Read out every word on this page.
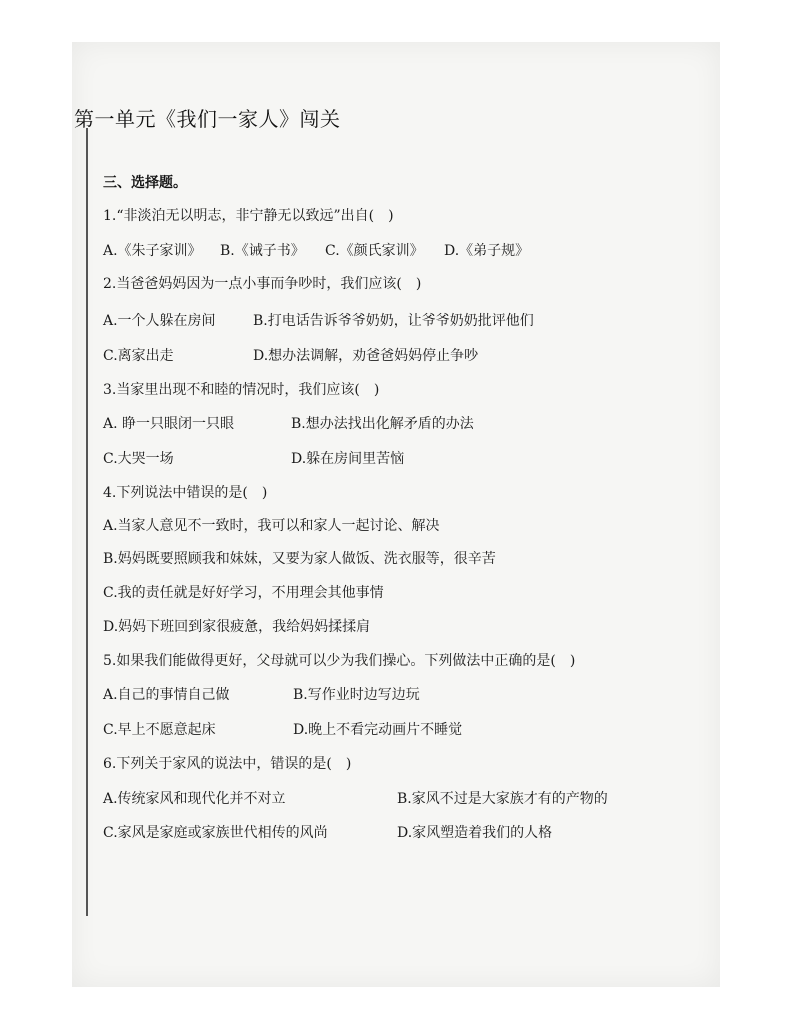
第一单元《我们一家人》闯关
三、选择题。
1.“非淡泊无以明志，非宁静无以致远”出自(　)
A.《朱子家训》 B.《诫子书》 C.《颜氏家训》 D.《弟子规》
2.当爸爸妈妈因为一点小事而争吵时，我们应该(　)
A.一个人躲在房间	B.打电话告诉爷爷奶奶，让爷爷奶奶批评他们
C.离家出走	D.想办法调解，劝爸爸妈妈停止争吵
3.当家里出现不和睦的情况时，我们应该(　)
A. 睁一只眼闭一只眼	B.想办法找出化解矛盾的办法
C.大哭一场	D.躲在房间里苦恼
4.下列说法中错误的是(　)
A.当家人意见不一致时，我可以和家人一起讨论、解决
B.妈妈既要照顾我和妹妹，又要为家人做饭、洗衣服等，很辛苦
C.我的责任就是好好学习，不用理会其他事情
D.妈妈下班回到家很疲惫，我给妈妈揉揉肩
5.如果我们能做得更好，父母就可以少为我们操心。下列做法中正确的是(　)
A.自己的事情自己做	B.写作业时边写边玩
C.早上不愿意起床	D.晚上不看完动画片不睡觉
6.下列关于家风的说法中，错误的是(　)
A.传统家风和现代化并不对立	B.家风不过是大家族才有的产物的
C.家风是家庭或家族世代相传的风尚	D.家风塑造着我们的人格
